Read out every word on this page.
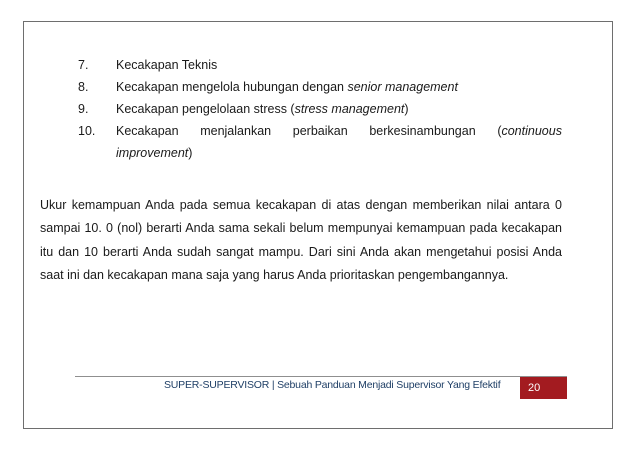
7. Kecakapan Teknis
8. Kecakapan mengelola hubungan dengan senior management
9. Kecakapan pengelolaan stress (stress management)
10. Kecakapan menjalankan perbaikan berkesinambungan (continuous
improvement)

Ukur kemampuan Anda pada semua kecakapan di atas dengan memberikan nilai antara 0 sampai 10. 0 (nol) berarti Anda sama sekali belum mempunyai kemampuan pada kecakapan itu dan 10 berarti Anda sudah sangat mampu. Dari sini Anda akan mengetahui posisi Anda saat ini dan kecakapan mana saja yang harus Anda prioritaskan pengembangannya.

SUPER-SUPERVISOR | Sebuah Panduan Menjadi Supervisor Yang Efektif	20
